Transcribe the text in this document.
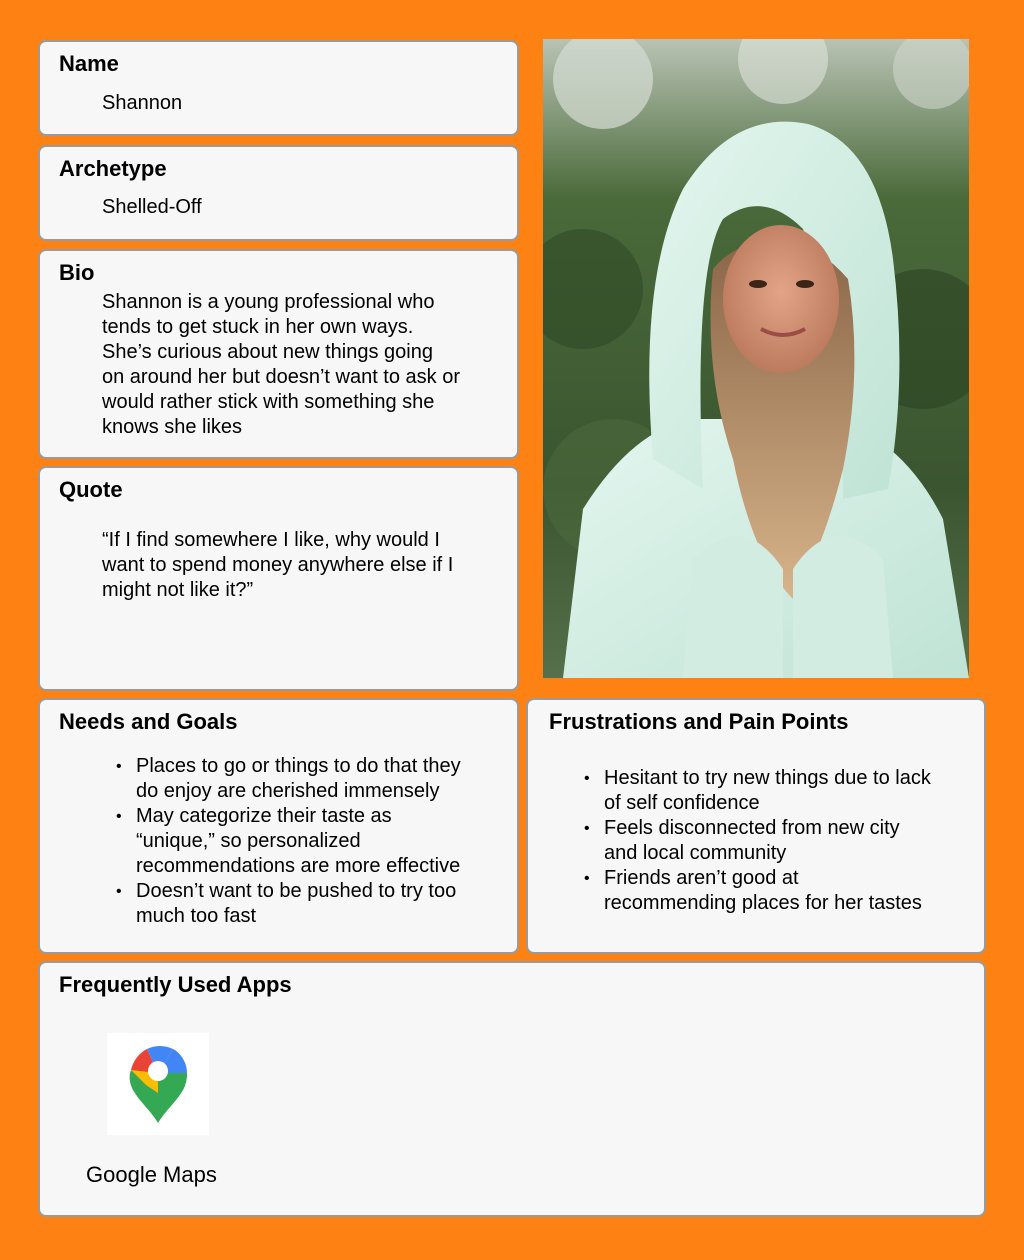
Name

Shannon

Archetype

Shelled-Off

Bio
Shannon is a young professional who
tends to get stuck in her own ways.
She’s curious about new things going
on around her but doesn’t want to ask or
would rather stick with something she
knows she likes
Quote
“If I find somewhere I like, why would I
want to spend money anywhere else if I
might not like it?”
Needs and Goals
• Places to go or things to do that they
do enjoy are cherished immensely
• May categorize their taste as
“unique,” so personalized
recommendations are more effective
• Doesn’t want to be pushed to try too
much too fast
Frustrations and Pain Points
• Hesitant to try new things due to lack
of self confidence
• Feels disconnected from new city
and local community
• Friends aren’t good at
recommending places for her tastes
Frequently Used Apps

Google Maps
